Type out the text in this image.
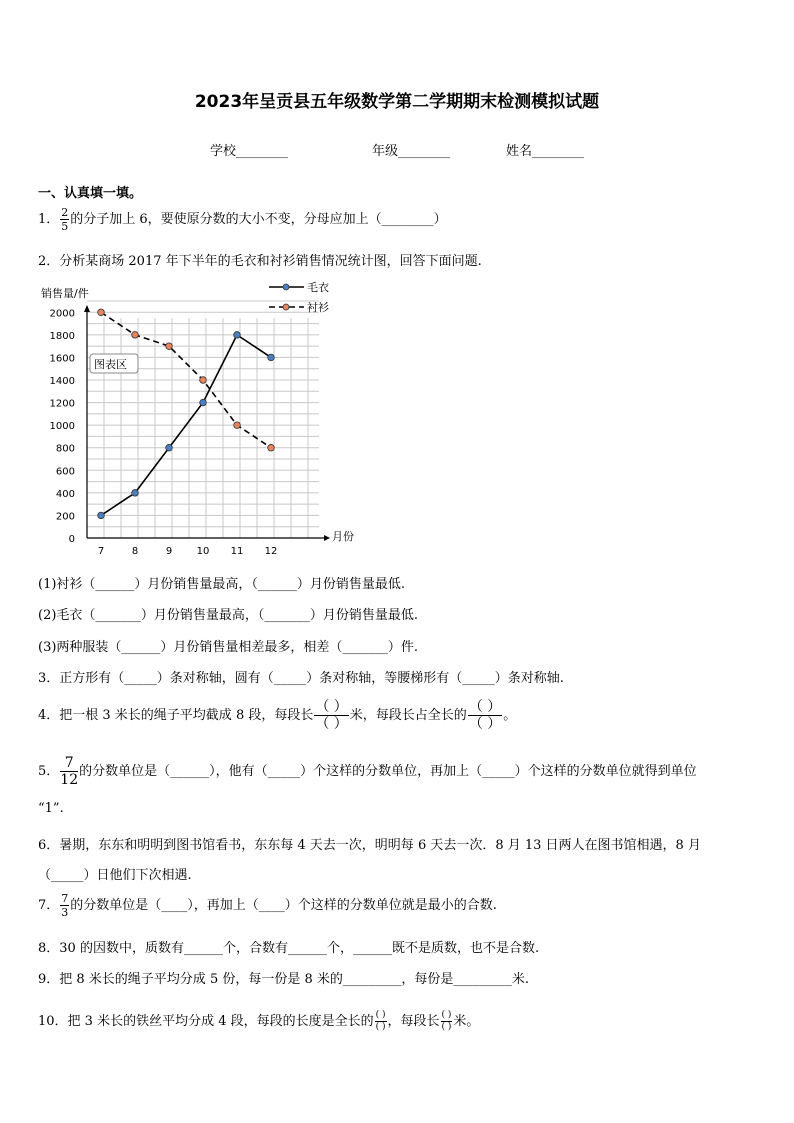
2023年呈贡县五年级数学第二学期期末检测模拟试题
学校________	年级________	姓名________
一、认真填一填。
1． $\frac{2}{5}$ 的分子加上 6，要使原分数的大小不变，分母应加上（________）
2．分析某商场 2017 年下半年的毛衣和衬衫销售情况统计图，回答下面问题.
0
200
400
600
800
1000
1200
1400
1600
1800
2000
7	8	9 10 11 12
毛衣
衬衫
销售量/件
月份
图表区
(1)衬衫（______）月份销售量最高，（______）月份销售量最低.
(2)毛衣（_______）月份销售量最高，（_______）月份销售量最低.
(3)两种服装（______）月份销售量相差最多，相差（_______）件.
3．正方形有（_____）条对称轴，圆有（_____）条对称轴，等腰梯形有（_____）条对称轴.
4．把一根 3 米长的绳子平均截成 8 段，每段长 $\frac{( )}{( )}$ 米，每段长占全长的 $\frac{( )}{( )}$ 。
5． $\frac{7}{12}$ 的分数单位是（______），他有（_____）个这样的分数单位，再加上（_____）个这样的分数单位就得到单位
“1”.
6．暑期，东东和明明到图书馆看书，东东每 4 天去一次，明明每 6 天去一次．8 月 13 日两人在图书馆相遇，8 月
（_____）日他们下次相遇.
7． $\frac{7}{3}$ 的分数单位是（____），再加上（____）个这样的分数单位就是最小的合数.
8．30 的因数中，质数有______个，合数有______个，______既不是质数，也不是合数.
9．把 8 米长的绳子平均分成 5 份，每一份是 8 米的_________，每份是_________米.
10．把 3 米长的铁丝平均分成 4 段，每段的长度是全长的 $\frac{( )}{( )}$ ，每段长 $\frac{( )}{( )}$ 米。
